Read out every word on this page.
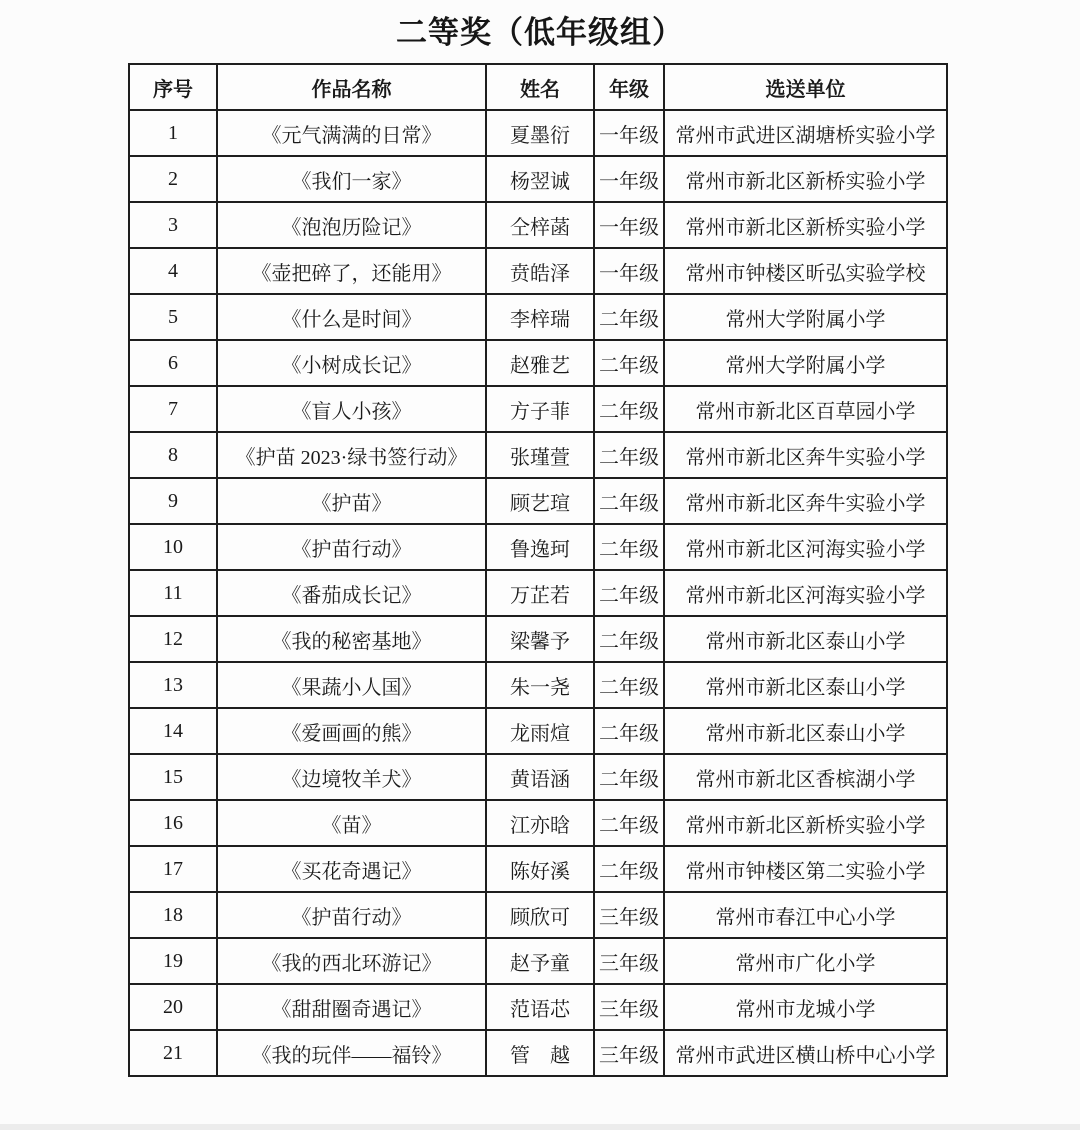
二等奖（低年级组）
序号	作品名称	姓名	年级	选送单位
1	《元气满满的日常》	夏墨衍	一年级	常州市武进区湖塘桥实验小学
2	《我们一家》	杨翌诚	一年级	常州市新北区新桥实验小学
3	《泡泡历险记》	仝梓菡	一年级	常州市新北区新桥实验小学
4	《壶把碎了，还能用》	贲皓泽	一年级	常州市钟楼区昕弘实验学校
5	《什么是时间》	李梓瑞	二年级	常州大学附属小学
6	《小树成长记》	赵雅艺	二年级	常州大学附属小学
7	《盲人小孩》	方子菲	二年级	常州市新北区百草园小学
8	《护苗 2023·绿书签行动》	张瑾萱	二年级	常州市新北区奔牛实验小学
9	《护苗》	顾艺瑄	二年级	常州市新北区奔牛实验小学
10	《护苗行动》	鲁逸珂	二年级	常州市新北区河海实验小学
11	《番茄成长记》	万芷若	二年级	常州市新北区河海实验小学
12	《我的秘密基地》	梁馨予	二年级	常州市新北区泰山小学
13	《果蔬小人国》	朱一尧	二年级	常州市新北区泰山小学
14	《爱画画的熊》	龙雨煊	二年级	常州市新北区泰山小学
15	《边境牧羊犬》	黄语涵	二年级	常州市新北区香槟湖小学
16	《苗》	江亦晗	二年级	常州市新北区新桥实验小学
17	《买花奇遇记》	陈好溪	二年级	常州市钟楼区第二实验小学
18	《护苗行动》	顾欣可	三年级	常州市春江中心小学
19	《我的西北环游记》	赵予童	三年级	常州市广化小学
20	《甜甜圈奇遇记》	范语芯	三年级	常州市龙城小学
21	《我的玩伴——福铃》	管　越	三年级	常州市武进区横山桥中心小学
